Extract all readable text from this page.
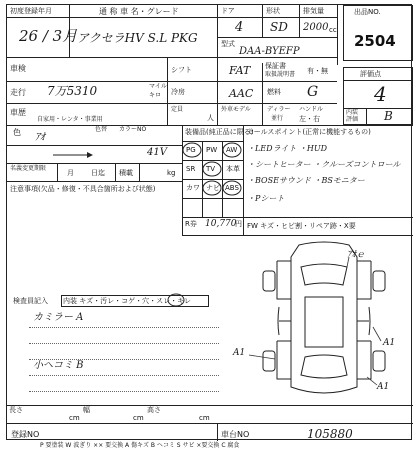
初度登録年月
26 / 3月
通 称 車 名・グレード
アクセラHV S.L PKG
ドア
4
形状
SD
排気量
2000 cc
型式
DAA-BYEFP
出品NO.
2504
車検
走行 7万5310	マイル
キロ
車歴
自家用・レンタ・事業用
シフト	FAT 保証書
取扱説明書 有・無
冷房	AAC 燃料 G
定員
人
外車モデル	ディラー
並行
ハンドル
左・右
評価点
4
内装
評価 B
色 ｱｵ
色替 カラーNO
41V
名義変更期限
月 日迄 積載	kg
注意事項(欠品・修復・不具合箇所および状態)
装備品(純正品に限る)
PG PW AW
SR TV 本革
カワ ナビ ABS
R券 10,770
円
セールスポイント(正常に機能するもの)
・LEDライト ・HUD
・シートヒーター ・クルーズコントロール
・BOSEサウンド ・BSモニター
・Pシート
FW キズ・ヒビ割・リペア跡・X要
検査員記入 内装 キズ・汚レ・コゲ・穴・スレ・キレ
カミラー A
小ヘコミ B
ｱｵｅ
A1
A1
A1
長さ
cm
幅
cm
高さ
cm
登録NO	車台NO	105880
P 要塗装 W 波ぎり ×× 要交換 A 傷キズ B ヘコミ S サビ ×要交換 C 腐食
